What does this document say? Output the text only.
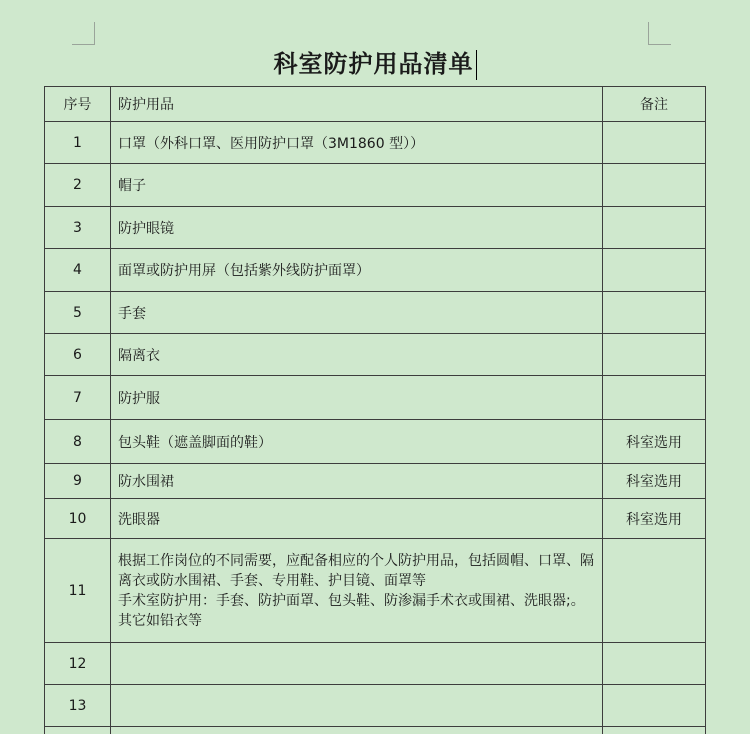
科室防护用品清单
序号	防护用品	备注
1	口罩（外科口罩、医用防护口罩（3M1860 型））	
2	帽子	
3	防护眼镜	
4	面罩或防护用屏（包括紫外线防护面罩）	
5	手套	
6	隔离衣	
7	防护服	
8	包头鞋（遮盖脚面的鞋）	科室选用
9	防水围裙	科室选用
10	洗眼器	科室选用
11	根据工作岗位的不同需要，应配备相应的个人防护用品，包括圆帽、口罩、隔离衣或防水围裙、手套、专用鞋、护目镜、面罩等
手术室防护用：手套、防护面罩、包头鞋、防渗漏手术衣或围裙、洗眼器;。
其它如铅衣等	

12		
13		
